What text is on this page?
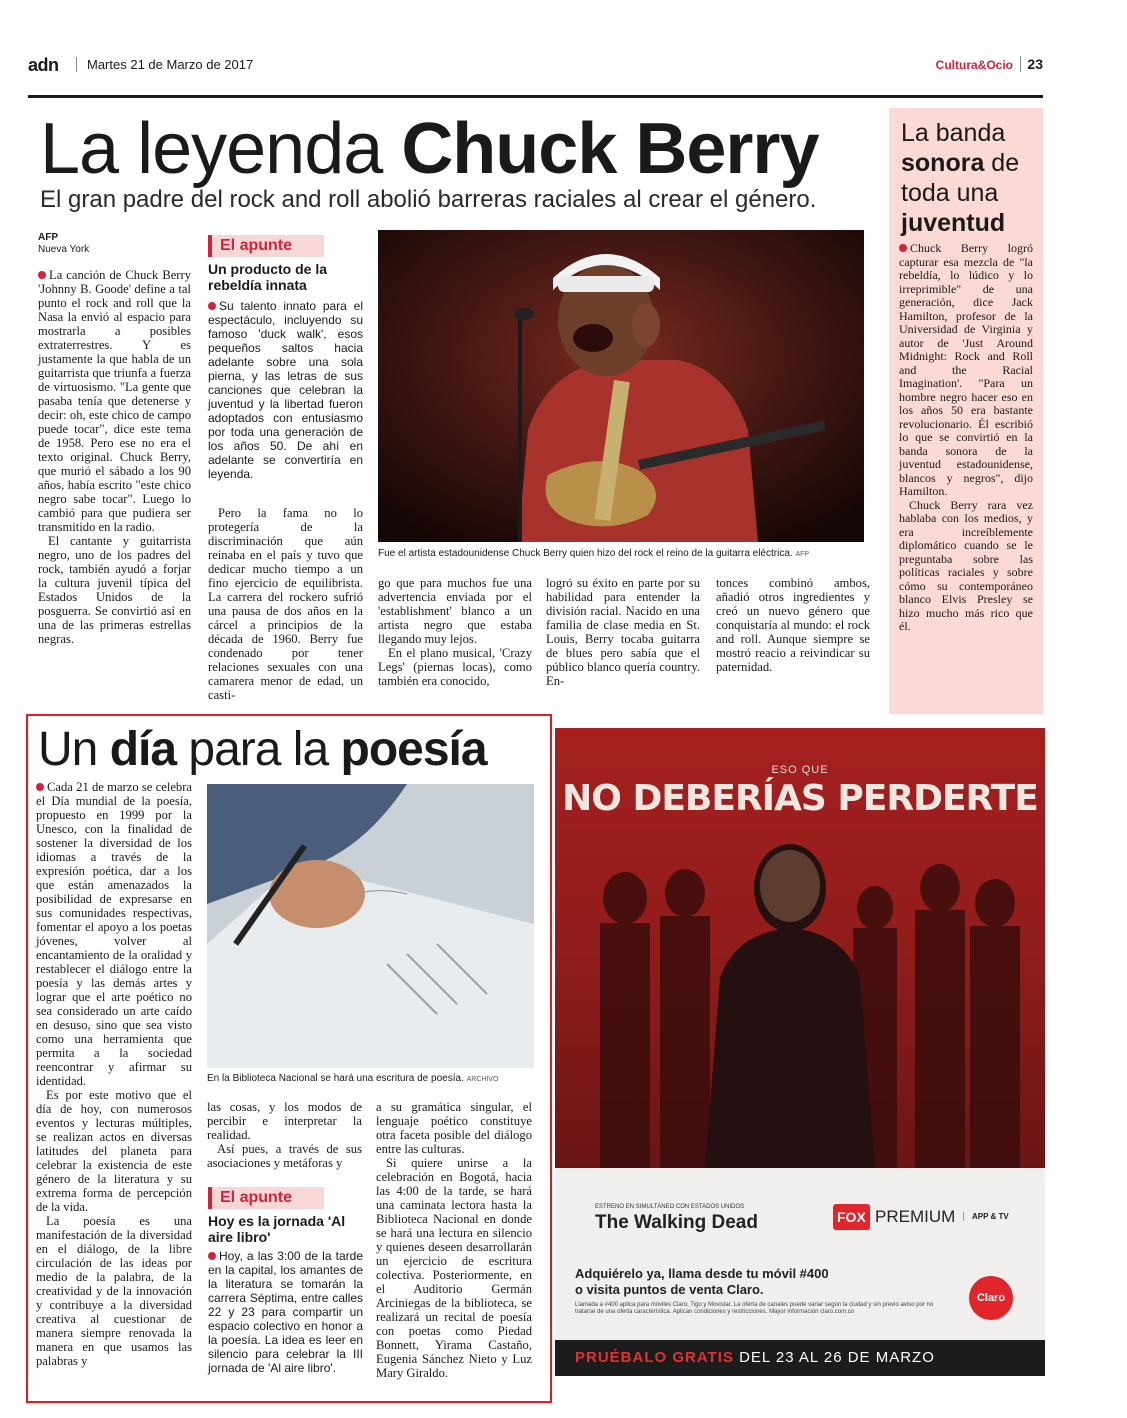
adn	Martes 21 de Marzo de 2017	Cultura&Ocio	23
La leyenda Chuck Berry
El gran padre del rock and roll abolió barreras raciales al crear el género.
AFP
Nueva York

La canción de Chuck Berry 'Johnny B. Goode' definе a tal punto el rock and roll que la Nasa la envió al espacio para mostrarla a posibles extraterrestres. Y es justamente la que habla de un guitarrista que triunfa a fuerza de virtuosismo. "La gente que pasaba tenía que detenerse y decir: oh, este chico de campo puede tocar", dice este tema de 1958. Pero ese no era el texto original. Chuck Berry, que murió el sábado a los 90 años, había escrito "este chico negro sabe tocar". Luego lo cambió para que pudiera ser transmitido en la radio.

El cantante y guitarrista negro, uno de los padres del rock, también ayudó a forjar la cultura juvenil típica del Estados Unidos de la posguerra. Se convirtió así en una de las primeras estrellas negras.

El apunte
Un producto de la rebeldía innata

Su talento innato para el espectáculo, incluyendo su famoso 'duck walk', esos pequeños saltos hacia adelante sobre una sola pierna, y las letras de sus canciones que celebran la juventud y la libertad fueron adoptados con entusiasmo por toda una generación de los años 50. De ahí en adelante se convertiría en leyenda.

Pero la fama no lo protegería de la discriminación que aún reinaba en el país y tuvo que dedicar mucho tiempo a un fino ejercicio de equilibrista. La carrera del rockero sufrió una pausa de dos años en la cárcel a principios de la década de 1960. Berry fue condenado por tener relaciones sexuales con una camarera menor de edad, un casti-
Fue el artista estadounidense Chuck Berry quien hizo del rock el reino de la guitarra eléctrica. AFP

go que para muchos fue una advertencia enviada por el 'establishment' blanco a un artista negro que estaba llegando muy lejos.

En el plano musical, 'Crazy Legs' (piernas locas), como también era conocido,

logró su éxito en parte por su habilidad para entender la división racial. Nacido en una familia de clase media en St. Louis, Berry tocaba guitarra de blues pero sabía que el público blanco quería country. En-
tonces combinó ambos, añadió otros ingredientes y creó un nuevo género que conquistaría al mundo: el rock and roll. Aunque siempre se mostró reacio a reivindicar su paternidad.
La banda
sonora de
toda una
juventud

Chuck Berry logró capturar esa mezcla de "la rebeldía, lo lúdico y lo irreprimible" de una generación, dice Jack Hamilton, profesor de la Universidad de Virginia y autor de 'Just Around Midnight: Rock and Roll and the Racial Imagination'. "Para un hombre negro hacer eso en los años 50 era bastante revolucionario. Él escribió lo que se convirtió en la banda sonora de la juventud estadounidense, blancos y negros", dijo Hamilton.

Chuck Berry rara vez hablaba con los medios, y era increíblemente diplomático cuando se le preguntaba sobre las políticas raciales y sobre cómo su contemporáneo blanco Elvis Presley se hizo mucho más rico que él.

Un día para la poesía

Cada 21 de marzo se celebra el Día mundial de la poesía, propuesto en 1999 por la Unesco, con la finalidad de sostener la diversidad de los idiomas a través de la expresión poética, dar a los que están amenazados la posibilidad de expresarse en sus comunidades respectivas, fomentar el apoyo a los poetas jóvenes, volver al encantamiento de la oralidad y restablecer el diálogo entre la poesía y las demás artes y lograr que el arte poético no sea considerado un arte caído en desuso, sino que sea visto como una herramienta que permita a la sociedad reencontrar y afirmar su identidad.

Es por este motivo que el día de hoy, con numerosos eventos y lecturas múltiples, se realizan actos en diversas latitudes del planeta para celebrar la existencia de este género de la literatura y su extrema forma de percepción de la vida.

La poesía es una manifestación de la diversidad en el diálogo, de la libre circulación de las ideas por medio de la palabra, de la creatividad y de la innovación y contribuye a la diversidad creativa al cuestionar de manera siempre renovada la manera en que usamos las palabras y

En la Biblioteca Nacional se hará una escritura de poesía. ARCHIVO

las cosas, y los modos de percibir e interpretar la realidad.

Así pues, a través de sus asociaciones y metáforas y

El apunte
Hoy es la jornada 'Al aire libro'

Hoy, a las 3:00 de la tarde en la capital, los amantes de la literatura se tomarán la carrera Séptima, entre calles 22 y 23 para compartir un espacio colectivo en honor a la poesía. La idea es leer en silencio para celebrar la III jornada de 'Al aire libro'.

a su gramática singular, el lenguaje poético constituye otra faceta posible del diálogo entre las culturas.

Si quiere unirse a la celebración en Bogotá, hacia las 4:00 de la tarde, se hará una caminata lectora hasta la Biblioteca Nacional en donde se hará una lectura en silencio y quienes deseen desarrollarán un ejercicio de escritura colectiva. Posteriormente, en el Auditorio Germán Arciniegas de la biblioteca, se realizará un recital de poesía con poetas como Piedad Bonnett, Yirama Castaño, Eugenia Sánchez Nieto y Luz Mary Giraldo.

ESO QUE
NO DEBERÍAS PERDERTE
ESTRENO EN SIMULTÁNEO CON ESTADOS UNIDOS
The Walking Dead	FOX PREMIUM	APP & TV
Adquiérelo ya, llama desde tu móvil #400
o visita puntos de venta Claro.
Llamada a #400 aplica para móviles Claro, Tigo y Movistar. La oferta de canales puede variar según la ciudad y sin previo aviso por no tratarse de una oferta característica. Aplican condiciones y restricciones. Mayor información claro.com.co
Claro
PRUÉBALO GRATIS DEL 23 AL 26 DE MARZO
